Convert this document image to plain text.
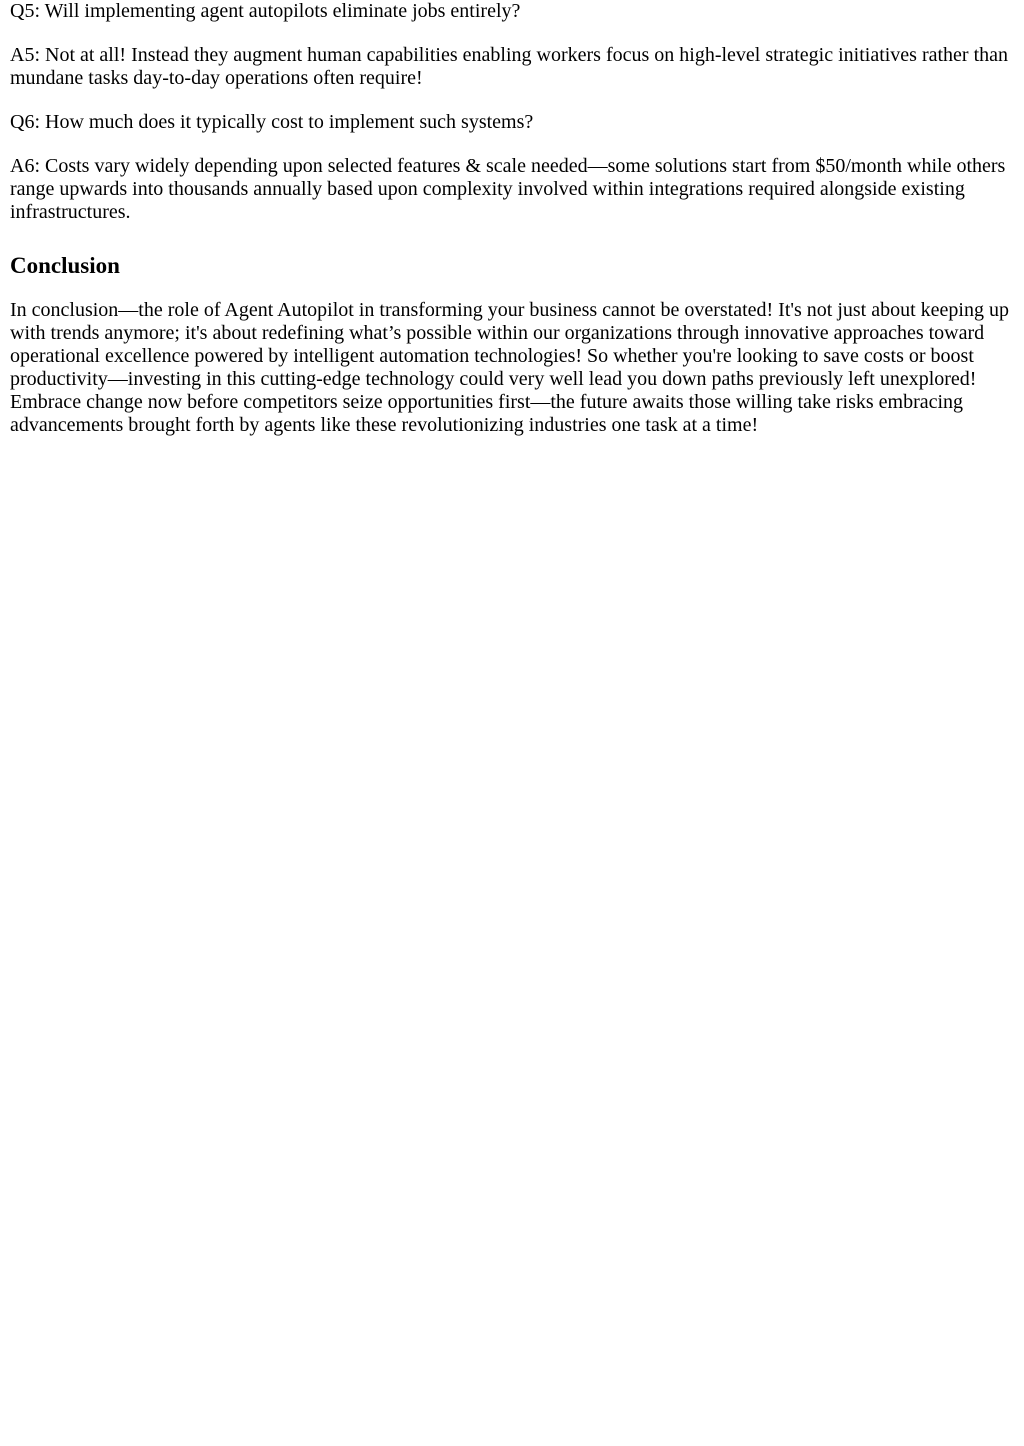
Q5: Will implementing agent autopilots eliminate jobs entirely?

A5: Not at all! Instead they augment human capabilities enabling workers focus on high-level strategic initiatives rather than mundane tasks day-to-day operations often require!

Q6: How much does it typically cost to implement such systems?

A6: Costs vary widely depending upon selected features & scale needed—some solutions start from $50/month while others range upwards into thousands annually based upon complexity involved within integrations required alongside existing infrastructures.

Conclusion

In conclusion—the role of Agent Autopilot in transforming your business cannot be overstated! It's not just about keeping up with trends anymore; it's about redefining what’s possible within our organizations through innovative approaches toward operational excellence powered by intelligent automation technologies! So whether you're looking to save costs or boost productivity—investing in this cutting-edge technology could very well lead you down paths previously left unexplored! Embrace change now before competitors seize opportunities first—the future awaits those willing take risks embracing advancements brought forth by agents like these revolutionizing industries one task at a time!
